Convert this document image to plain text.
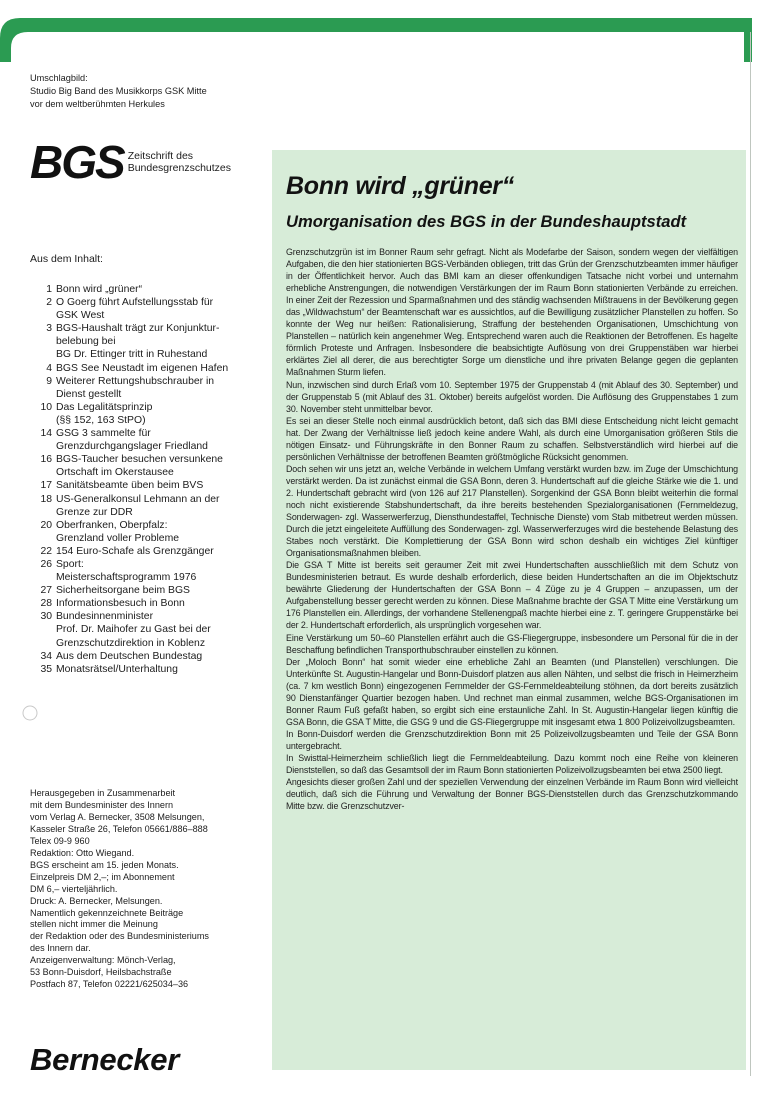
Umschlagbild:
Studio Big Band des Musikkorps GSK Mitte
vor dem weltberühmten Herkules
BGS Zeitschrift des
Bundesgrenzschutzes
Aus dem Inhalt:
1 Bonn wird „grüner“
2 O Goerg führt Aufstellungsstab für
GSK West
3 BGS-Haushalt trägt zur Konjunktur-
belebung bei
BG Dr. Ettinger tritt in Ruhestand
4 BGS See Neustadt im eigenen Hafen
9 Weiterer Rettungshubschrauber in
Dienst gestellt
10 Das Legalitätsprinzip
(§§ 152, 163 StPO)
14 GSG 3 sammelte für
Grenzdurchgangslager Friedland
16 BGS-Taucher besuchen versunkene
Ortschaft im Okerstausee
17 Sanitätsbeamte üben beim BVS
18 US-Generalkonsul Lehmann an der
Grenze zur DDR
20 Oberfranken, Oberpfalz:
Grenzland voller Probleme
22 154 Euro-Schafe als Grenzgänger
26 Sport:
Meisterschaftsprogramm 1976
27 Sicherheitsorgane beim BGS
28 Informationsbesuch in Bonn
30 Bundesinnenminister
Prof. Dr. Maihofer zu Gast bei der
Grenzschutzdirektion in Koblenz
34 Aus dem Deutschen Bundestag
35 Monatsrätsel/Unterhaltung
Herausgegeben in Zusammenarbeit
mit dem Bundesminister des Innern
vom Verlag A. Bernecker, 3508 Melsungen,
Kasseler Straße 26, Telefon 05661/886–888
Telex 09-9 960
Redaktion: Otto Wiegand.
BGS erscheint am 15. jeden Monats.
Einzelpreis DM 2,–; im Abonnement
DM 6,– vierteljährlich.
Druck: A. Bernecker, Melsungen.
Namentlich gekennzeichnete Beiträge
stellen nicht immer die Meinung
der Redaktion oder des Bundesministeriums
des Innern dar.
Anzeigenverwaltung: Mönch-Verlag,
53 Bonn-Duisdorf, Heilsbachstraße
Postfach 87, Telefon 02221/625034–36
Bernecker
Bonn wird „grüner“
Umorganisation des BGS in der Bundeshauptstadt

Grenzschutzgrün ist im Bonner Raum sehr gefragt. Nicht als Modefarbe der Saison, sondern wegen der vielfältigen Aufgaben, die den hier stationierten BGS-Verbänden obliegen, tritt das Grün der Grenzschutzbeamten immer häufiger in der Öffentlichkeit hervor. Auch das BMI kam an dieser offenkundigen Tatsache nicht vorbei und unternahm erhebliche Anstrengungen, die notwendigen Verstärkungen der im Raum Bonn stationierten Verbände zu erreichen. In einer Zeit der Rezession und Sparmaßnahmen und des ständig wachsenden Mißtrauens in der Bevölkerung gegen das „Wildwachstum“ der Beamtenschaft war es aussichtlos, auf die Bewilligung zusätzlicher Planstellen zu hoffen. So konnte der Weg nur heißen: Rationalisierung, Straffung der bestehenden Organisationen, Umschichtung von Planstellen – natürlich kein angenehmer Weg. Entsprechend waren auch die Reaktionen der Betroffenen. Es hagelte förmlich Proteste und Anfragen. Insbesondere die beabsichtigte Auflösung von drei Gruppenstäben war hierbei erklärtes Ziel all derer, die aus berechtigter Sorge um dienstliche und ihre privaten Belange gegen die geplanten Maßnahmen Sturm liefen.

Nun, inzwischen sind durch Erlaß vom 10. September 1975 der Gruppenstab 4 (mit Ablauf des 30. September) und der Gruppenstab 5 (mit Ablauf des 31. Oktober) bereits aufgelöst worden. Die Auflösung des Gruppenstabes 1 zum 30. November steht unmittelbar bevor.

Es sei an dieser Stelle noch einmal ausdrücklich betont, daß sich das BMI diese Entscheidung nicht leicht gemacht hat. Der Zwang der Verhältnisse ließ jedoch keine andere Wahl, als durch eine Umorganisation größeren Stils die nötigen Einsatz- und Führungskräfte in den Bonner Raum zu schaffen. Selbstverständlich wird hierbei auf die persönlichen Verhältnisse der betroffenen Beamten größtmögliche Rücksicht genommen.

Doch sehen wir uns jetzt an, welche Verbände in welchem Umfang verstärkt wurden bzw. im Zuge der Umschichtung verstärkt werden. Da ist zunächst einmal die GSA Bonn, deren 3. Hundertschaft auf die gleiche Stärke wie die 1. und 2. Hundertschaft gebracht wird (von 126 auf 217 Planstellen). Sorgenkind der GSA Bonn bleibt weiterhin die formal noch nicht existierende Stabshundertschaft, da ihre bereits bestehenden Spezialorganisationen (Fernmeldezug, Sonderwagen- zgl. Wasserwerferzug, Diensthundestaffel, Technische Dienste) vom Stab mitbetreut werden müssen. Durch die jetzt eingeleitete Auffüllung des Sonderwagen- zgl. Wasserwerferzuges wird die bestehende Belastung des Stabes noch verstärkt. Die Komplettierung der GSA Bonn wird schon deshalb ein wichtiges Ziel künftiger Organisationsmaßnahmen bleiben.

Die GSA T Mitte ist bereits seit geraumer Zeit mit zwei Hundertschaften ausschließlich mit dem Schutz von Bundesministerien betraut. Es wurde deshalb erforderlich, diese beiden Hundertschaften an die im Objektschutz bewährte Gliederung der Hundertschaften der GSA Bonn – 4 Züge zu je 4 Gruppen – anzupassen, um der Aufgabenstellung besser gerecht werden zu können. Diese Maßnahme brachte der GSA T Mitte eine Verstärkung um 176 Planstellen ein. Allerdings, der vorhandene Stellenengpaß machte hierbei eine z. T. geringere Gruppenstärke bei der 2. Hundertschaft erforderlich, als ursprünglich vorgesehen war.

Eine Verstärkung um 50–60 Planstellen erfährt auch die GS-Fliegergruppe, insbesondere um Personal für die in der Beschaffung befindlichen Transporthubschrauber einstellen zu können.

Der „Moloch Bonn“ hat somit wieder eine erhebliche Zahl an Beamten (und Planstellen) verschlungen. Die Unterkünfte St. Augustin-Hangelar und Bonn-Duisdorf platzen aus allen Nähten, und selbst die frisch in Heimerzheim (ca. 7 km westlich Bonn) eingezogenen Fernmelder der GS-Fernmeldeabteilung stöhnen, da dort bereits zusätzlich 90 Dienstanfänger Quartier bezogen haben. Und rechnet man einmal zusammen, welche BGS-Organisationen im Bonner Raum Fuß gefaßt haben, so ergibt sich eine erstaunliche Zahl. In St. Augustin-Hangelar liegen künftig die GSA Bonn, die GSA T Mitte, die GSG 9 und die GS-Fliegergruppe mit insgesamt etwa 1 800 Polizeivollzugsbeamten.

In Bonn-Duisdorf werden die Grenzschutzdirektion Bonn mit 25 Polizeivollzugsbeamten und Teile der GSA Bonn untergebracht.

In Swisttal-Heimerzheim schließlich liegt die Fernmeldeabteilung. Dazu kommt noch eine Reihe von kleineren Dienststellen, so daß das Gesamtsoll der im Raum Bonn stationierten Polizeivollzugsbeamten bei etwa 2500 liegt.

Angesichts dieser großen Zahl und der speziellen Verwendung der einzelnen Verbände im Raum Bonn wird vielleicht deutlich, daß sich die Führung und Verwaltung der Bonner BGS-Dienststellen durch das Grenzschutzkommando Mitte bzw. die Grenzschutzver-
